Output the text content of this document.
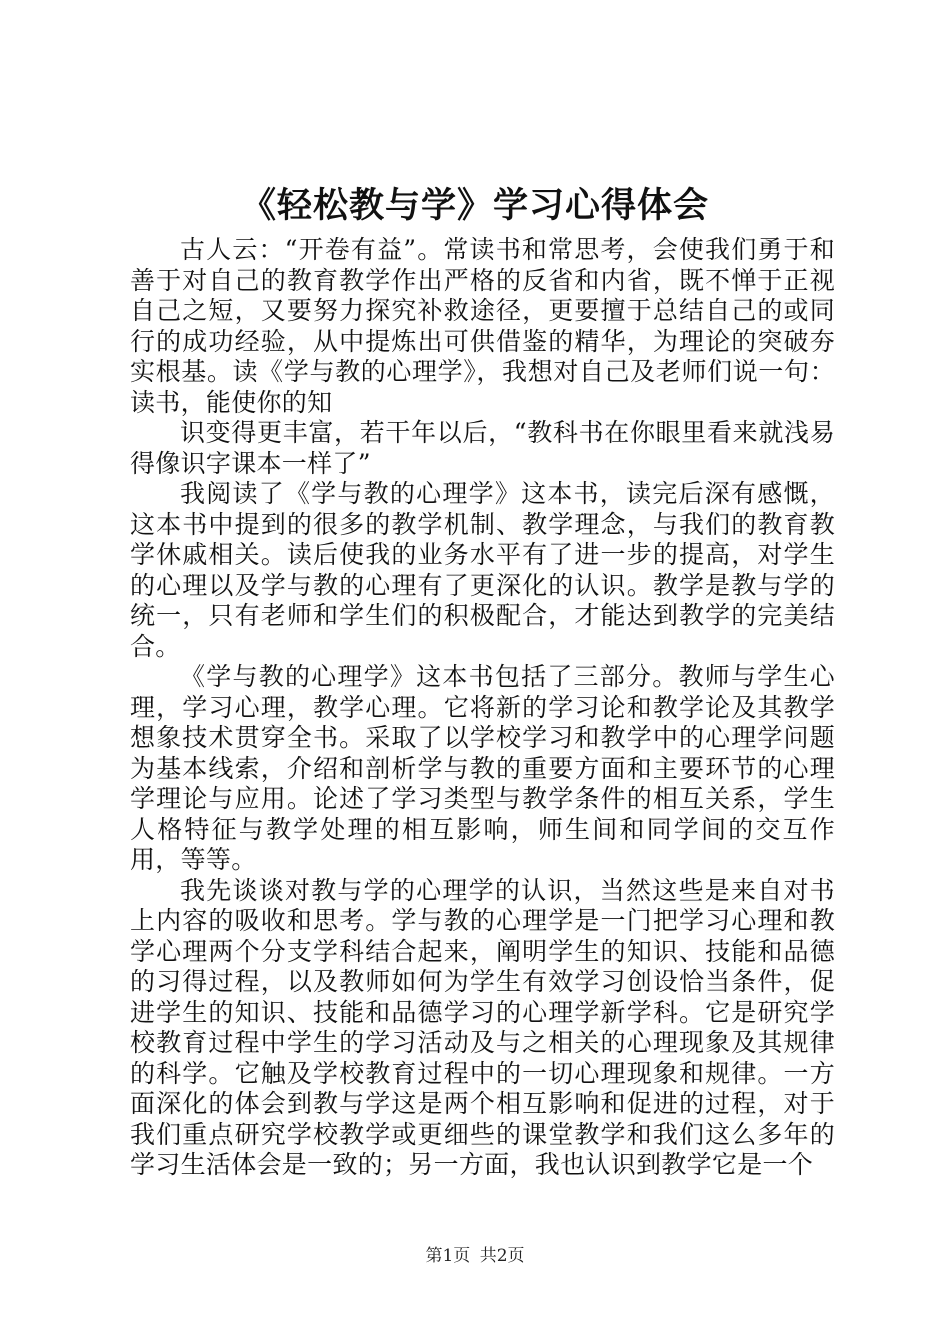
《轻松教与学》学习心得体会

古人云：“开卷有益”。常读书和常思考，会使我们勇于和善于对自己的教育教学作出严格的反省和内省，既不惮于正视自己之短，又要努力探究补救途径，更要擅于总结自己的或同行的成功经验，从中提炼出可供借鉴的精华，为理论的突破夯实根基。读《学与教的心理学》，我想对自己及老师们说一句：读书，能使你的知

识变得更丰富，若干年以后，“教科书在你眼里看来就浅易得像识字课本一样了”

我阅读了《学与教的心理学》这本书，读完后深有感慨，这本书中提到的很多的教学机制、教学理念，与我们的教育教学休戚相关。读后使我的业务水平有了进一步的提高，对学生的心理以及学与教的心理有了更深化的认识。教学是教与学的统一，只有老师和学生们的积极配合，才能达到教学的完美结合。

《学与教的心理学》这本书包括了三部分。教师与学生心理，学习心理，教学心理。它将新的学习论和教学论及其教学想象技术贯穿全书。采取了以学校学习和教学中的心理学问题为基本线索，介绍和剖析学与教的重要方面和主要环节的心理学理论与应用。论述了学习类型与教学条件的相互关系，学生人格特征与教学处理的相互影响，师生间和同学间的交互作用，等等。

我先谈谈对教与学的心理学的认识，当然这些是来自对书上内容的吸收和思考。学与教的心理学是一门把学习心理和教学心理两个分支学科结合起来，阐明学生的知识、技能和品德的习得过程，以及教师如何为学生有效学习创设恰当条件，促进学生的知识、技能和品德学习的心理学新学科。它是研究学校教育过程中学生的学习活动及与之相关的心理现象及其规律的科学。它触及学校教育过程中的一切心理现象和规律。一方面深化的体会到教与学这是两个相互影响和促进的过程，对于我们重点研究学校教学或更细些的课堂教学和我们这么多年的学习生活体会是一致的；另一方面，我也认识到教学它是一个

第1页 共2页
